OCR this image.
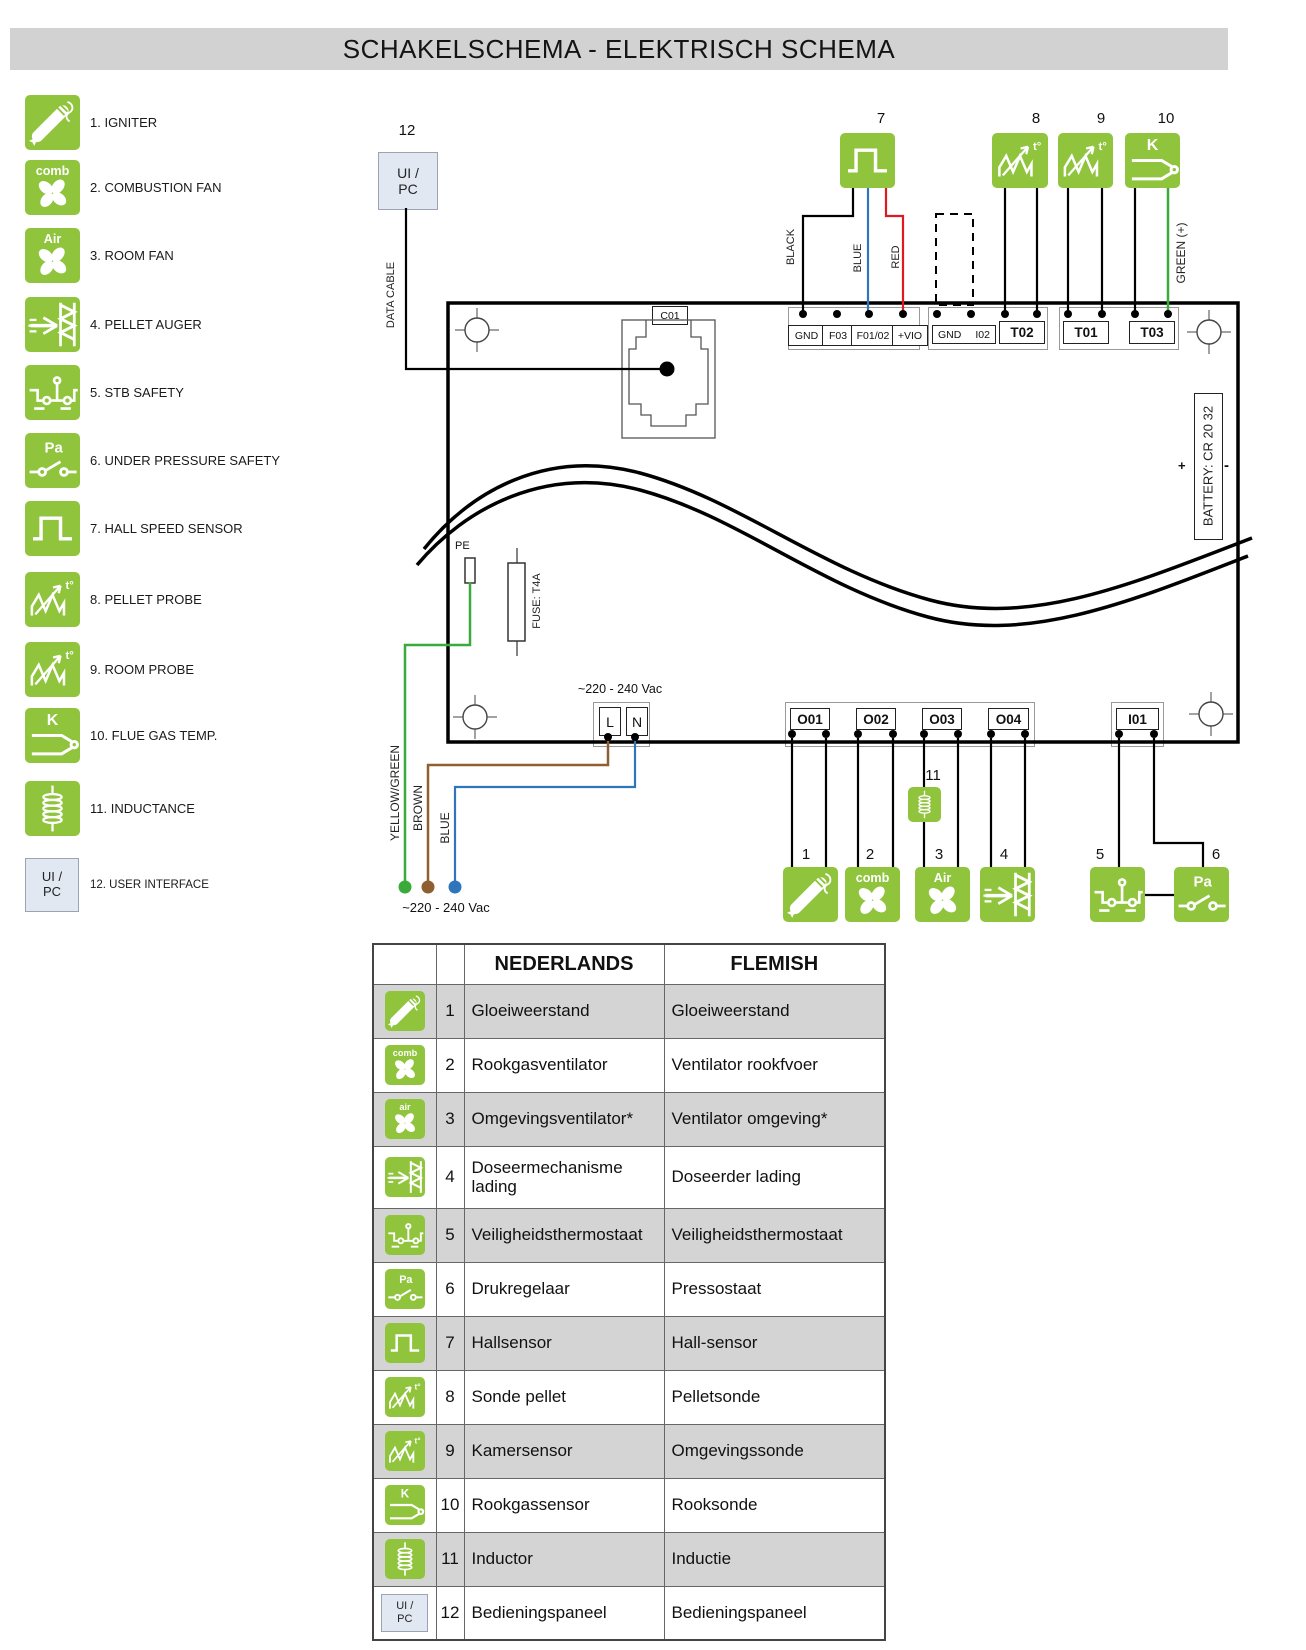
SCHAKELSCHEMA - ELEKTRISCH SCHEMA
1. IGNITER
comb
2. COMBUSTION FAN
Air
3. ROOM FAN
4. PELLET AUGER
5. STB SAFETY
Pa
6. UNDER PRESSURE SAFETY
7. HALL SPEED SENSOR
t°
8. PELLET PROBE
t°
9. ROOM PROBE
K
10. FLUE GAS TEMP.
11. INDUCTANCE
UI /
PC	12. USER INTERFACE
UI /
PC
C01
GND	F03 F01/02 +VIO	GND I02	T02	T01	T03
O01	O02	O03	O04	I01
L	N
BATTERY: CR 20 32
+	-
t°	t°	K
comb	Air	Pa
12
7	8	9	10
11
1	2	3	4	5	6
DATA CABLE
BLACK	BLUE RED	GREEN (+)
FUSE: T4A
YELLOW/GREEN BROWN BLUE
PE
~220 - 240 Vac
~220 - 240 Vac
		NEDERLANDS	FLEMISH

	1	Gloeiweerstand	Gloeiweerstand

comb	2	Rookgasventilator	Ventilator rookfvoer

air	3	Omgevingsventilator*	Ventilator omgeving*

	4	Doseermechanisme lading	Doseerder lading

	5	Veiligheidsthermostaat	Veiligheidsthermostaat

Pa	6	Drukregelaar	Pressostaat

	7	Hallsensor	Hall-sensor

t°	8	Sonde pellet	Pelletsonde

t°	9	Kamersensor	Omgevingssonde

K	10	Rookgassensor	Rooksonde

	11	Inductor	Inductie

UI /
PC	12	Bedieningspaneel	Bedieningspaneel
